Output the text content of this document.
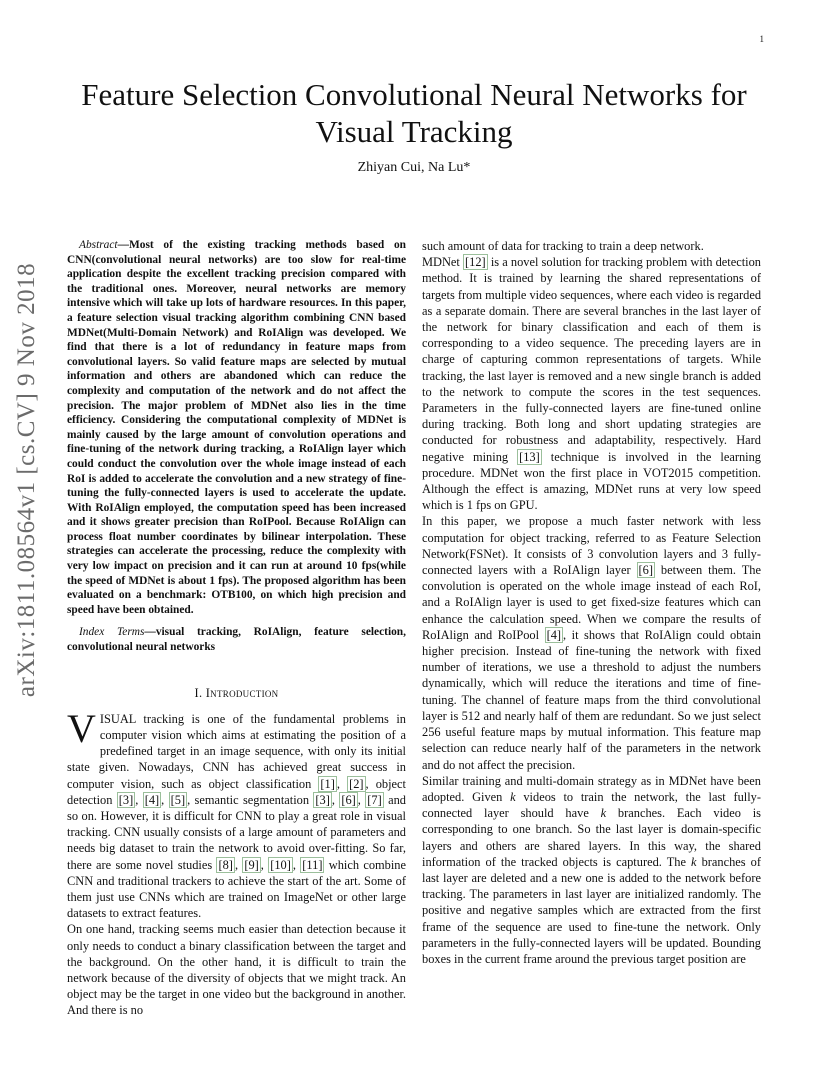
1
arXiv:1811.08564v1 [cs.CV] 9 Nov 2018
Feature Selection Convolutional Neural Networks for Visual Tracking
Zhiyan Cui, Na Lu*

Abstract—Most of the existing tracking methods based on CNN(convolutional neural networks) are too slow for real-time application despite the excellent tracking precision compared with the traditional ones. Moreover, neural networks are memory intensive which will take up lots of hardware resources. In this paper, a feature selection visual tracking algorithm combining CNN based MDNet(Multi-Domain Network) and RoIAlign was developed. We find that there is a lot of redundancy in feature maps from convolutional layers. So valid feature maps are selected by mutual information and others are abandoned which can reduce the complexity and computation of the network and do not affect the precision. The major problem of MDNet also lies in the time efficiency. Considering the computational complexity of MDNet is mainly caused by the large amount of convolution operations and fine-tuning of the network during tracking, a RoIAlign layer which could conduct the convolution over the whole image instead of each RoI is added to accelerate the convolution and a new strategy of fine-tuning the fully-connected layers is used to accelerate the update. With RoIAlign employed, the computation speed has been increased and it shows greater precision than RoIPool. Because RoIAlign can process float number coordinates by bilinear interpolation. These strategies can accelerate the processing, reduce the complexity with very low impact on precision and it can run at around 10 fps(while the speed of MDNet is about 1 fps). The proposed algorithm has been evaluated on a benchmark: OTB100, on which high precision and speed have been obtained.

Index Terms—visual tracking, RoIAlign, feature selection, convolutional neural networks

I. Introduction

VISUAL tracking is one of the fundamental problems in computer vision which aims at estimating the position of a predefined target in an image sequence, with only its initial state given. Nowadays, CNN has achieved great success in computer vision, such as object classification [1] , [2] , object detection [3] , [4] , [5] , semantic segmentation [3] , [6] , [7] and so on. However, it is difficult for CNN to play a great role in visual tracking. CNN usually consists of a large amount of parameters and needs big dataset to train the network to avoid over-fitting. So far, there are some novel studies [8] , [9] , [10] , [11] which combine CNN and traditional trackers to achieve the start of the art. Some of them just use CNNs which are trained on ImageNet or other large datasets to extract features.

On one hand, tracking seems much easier than detection because it only needs to conduct a binary classification between the target and the background. On the other hand, it is difficult to train the network because of the diversity of objects that we might track. An object may be the target in one video but the background in another. And there is no

such amount of data for tracking to train a deep network.

MDNet [12] is a novel solution for tracking problem with detection method. It is trained by learning the shared representations of targets from multiple video sequences, where each video is regarded as a separate domain. There are several branches in the last layer of the network for binary classification and each of them is corresponding to a video sequence. The preceding layers are in charge of capturing common representations of targets. While tracking, the last layer is removed and a new single branch is added to the network to compute the scores in the test sequences. Parameters in the fully-connected layers are fine-tuned online during tracking. Both long and short updating strategies are conducted for robustness and adaptability, respectively. Hard negative mining [13] technique is involved in the learning procedure. MDNet won the first place in VOT2015 competition. Although the effect is amazing, MDNet runs at very low speed which is 1 fps on GPU.

In this paper, we propose a much faster network with less computation for object tracking, referred to as Feature Selection Network(FSNet). It consists of 3 convolution layers and 3 fully-connected layers with a RoIAlign layer [6] between them. The convolution is operated on the whole image instead of each RoI, and a RoIAlign layer is used to get fixed-size features which can enhance the calculation speed. When we compare the results of RoIAlign and RoIPool [4] , it shows that RoIAlign could obtain higher precision. Instead of fine-tuning the network with fixed number of iterations, we use a threshold to adjust the numbers dynamically, which will reduce the iterations and time of fine-tuning. The channel of feature maps from the third convolutional layer is 512 and nearly half of them are redundant. So we just select 256 useful feature maps by mutual information. This feature map selection can reduce nearly half of the parameters in the network and do not affect the precision.

Similar training and multi-domain strategy as in MDNet have been adopted. Given k videos to train the network, the last fully-connected layer should have k branches. Each video is corresponding to one branch. So the last layer is domain-specific layers and others are shared layers. In this way, the shared information of the tracked objects is captured. The k branches of last layer are deleted and a new one is added to the network before tracking. The parameters in last layer are initialized randomly. The positive and negative samples which are extracted from the first frame of the sequence are used to fine-tune the network. Only parameters in the fully-connected layers will be updated. Bounding boxes in the current frame around the previous target position are
